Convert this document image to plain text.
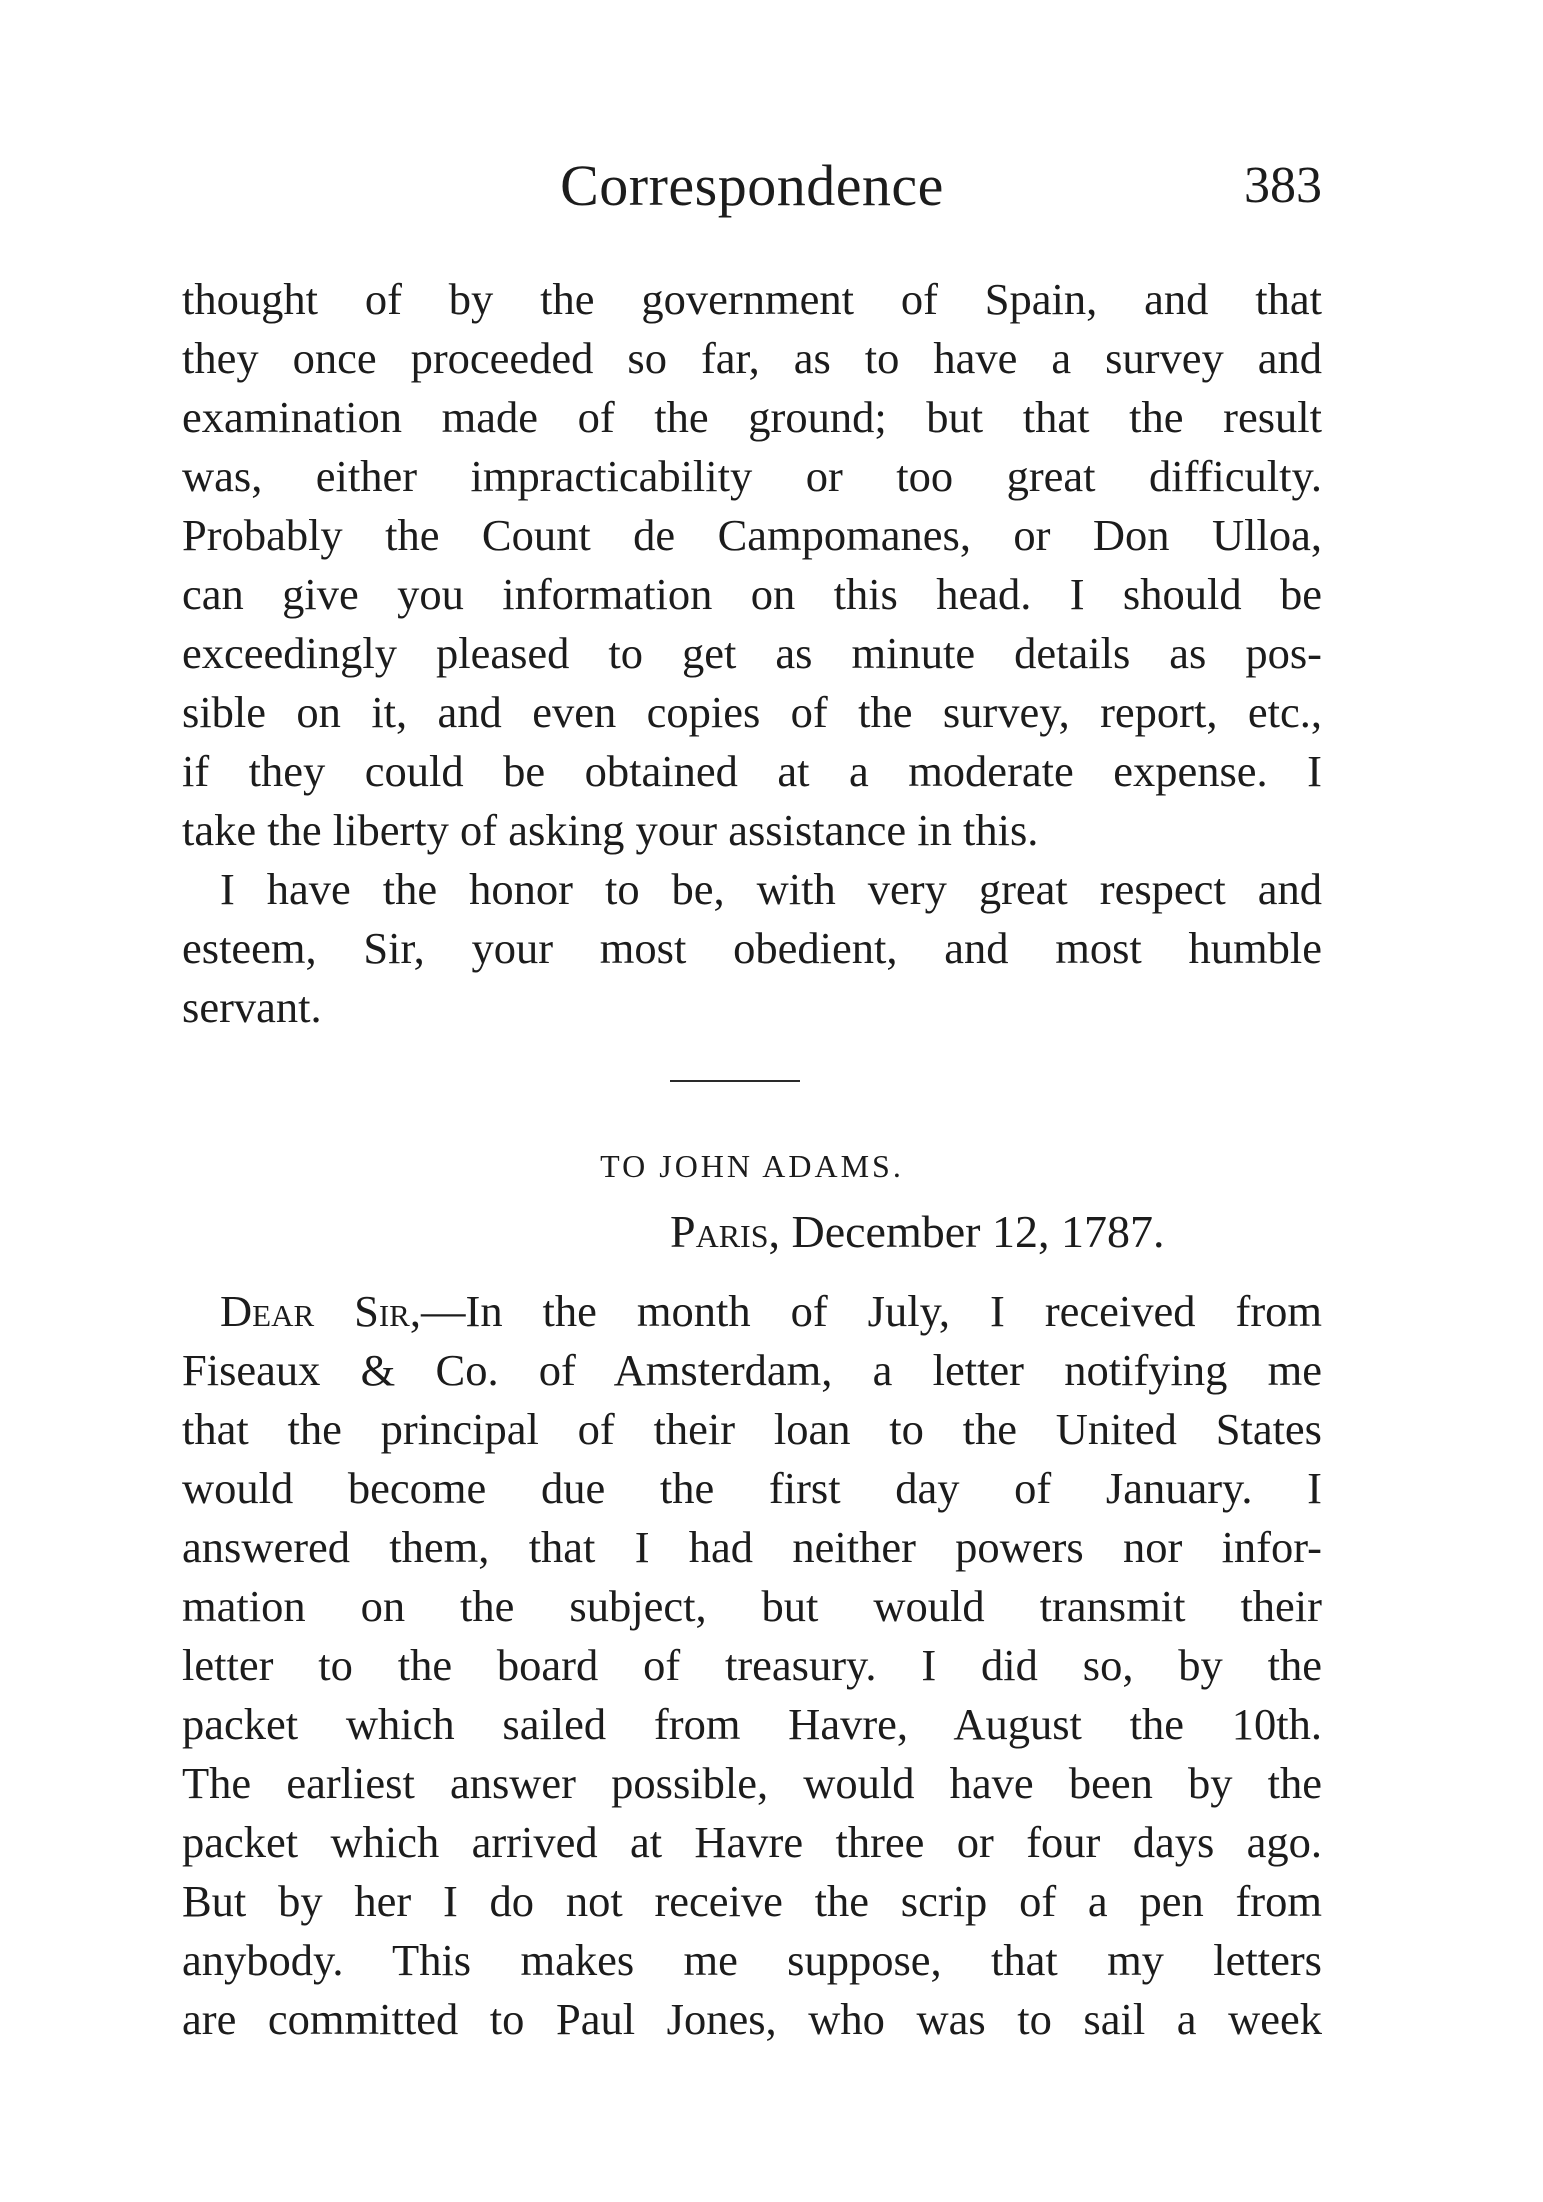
Correspondence	383
thought of by the government of Spain, and that
they once proceeded so far, as to have a survey and
examination made of the ground; but that the result
was, either impracticability or too great difficulty.
Probably the Count de Campomanes, or Don Ulloa,
can give you information on this head. I should be
exceedingly pleased to get as minute details as pos-
sible on it, and even copies of the survey, report, etc.,
if they could be obtained at a moderate expense. I
take the liberty of asking your assistance in this.
I have the honor to be, with very great respect and
esteem, Sir, your most obedient, and most humble
servant.
TO JOHN ADAMS.
Paris, December 12, 1787.
Dear Sir,—In the month of July, I received from
Fiseaux & Co. of Amsterdam, a letter notifying me
that the principal of their loan to the United States
would become due the first day of January. I
answered them, that I had neither powers nor infor-
mation on the subject, but would transmit their
letter to the board of treasury. I did so, by the
packet which sailed from Havre, August the 10th.
The earliest answer possible, would have been by the
packet which arrived at Havre three or four days ago.
But by her I do not receive the scrip of a pen from
anybody. This makes me suppose, that my letters
are committed to Paul Jones, who was to sail a week
